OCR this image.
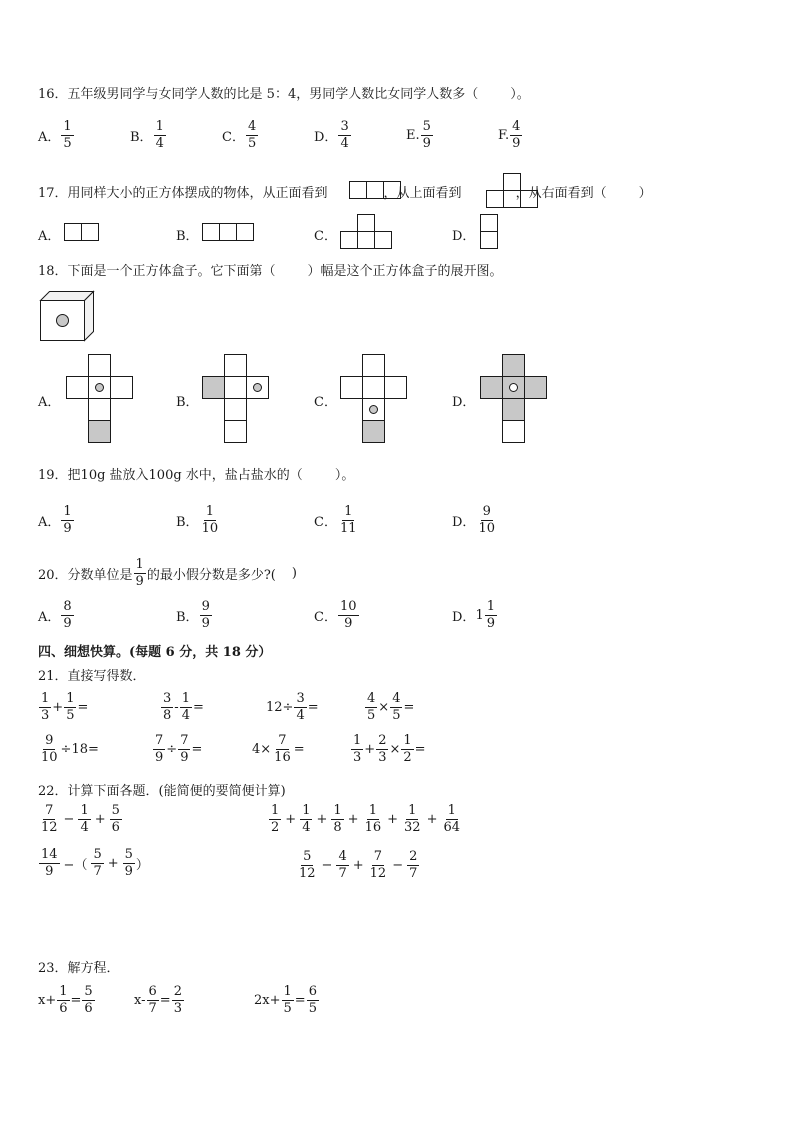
16．五年级男同学与女同学人数的比是 5：4，男同学人数比女同学人数多（ ）。
A． $\frac{1}{5}$	B． $\frac{1}{4}$	C． $\frac{4}{5}$	D． $\frac{3}{4}$	E. $\frac{5}{9}$	F. $\frac{4}{9}$
17．用同样大小的正方体摆成的物体，从正面看到	，从上面看到	，从右面看到（ ）
A．	B．	C．	D．
18．下面是一个正方体盒子。它下面第（ ）幅是这个正方体盒子的展开图。
A．	B．	C．	D．
19．把10g 盐放入100g 水中，盐占盐水的（ ）。
A． $\frac{1}{9}$	B． $\frac{1}{10}$	C． $\frac{1}{11}$	D． $\frac{9}{10}$
20．分数单位是 $\frac{1}{9}$ 的最小假分数是多少?( )
A． $\frac{8}{9}$	B． $\frac{9}{9}$	C． $\frac{10}{9}$	D． $1 \frac{1}{9}$
四、细想快算。(每题 6 分，共 18 分）
21．直接写得数．
$\frac{1}{3} + \frac{1}{5}$ =	$\frac{3}{8} - \frac{1}{4}$ =	$12\div \frac{3}{4}$ =	$\frac{4}{5} \times \frac{4}{5}$ =
$\frac{9}{10} \div 18=$	$\frac{7}{9} \div \frac{7}{9}$ =	$4\times \frac{7}{16}$ =	$\frac{1}{3} + \frac{2}{3} \times \frac{1}{2}$ =
22．计算下面各题．(能简便的要简便计算)
$\frac{7}{12} - \frac{1}{4} + \frac{5}{6}$	$\frac{1}{2} + \frac{1}{4} + \frac{1}{8} + \frac{1}{16} + \frac{1}{32} + \frac{1}{64}$
$\frac{14}{9}$ −（ $\frac{5}{7} + \frac{5}{9}$ ）	$\frac{5}{12} - \frac{4}{7} + \frac{7}{12} - \frac{2}{7}$
23．解方程．
$x+ \frac{1}{6} = \frac{5}{6}$	$x- \frac{6}{7} = \frac{2}{3}$	$2x+ \frac{1}{5} = \frac{6}{5}$
